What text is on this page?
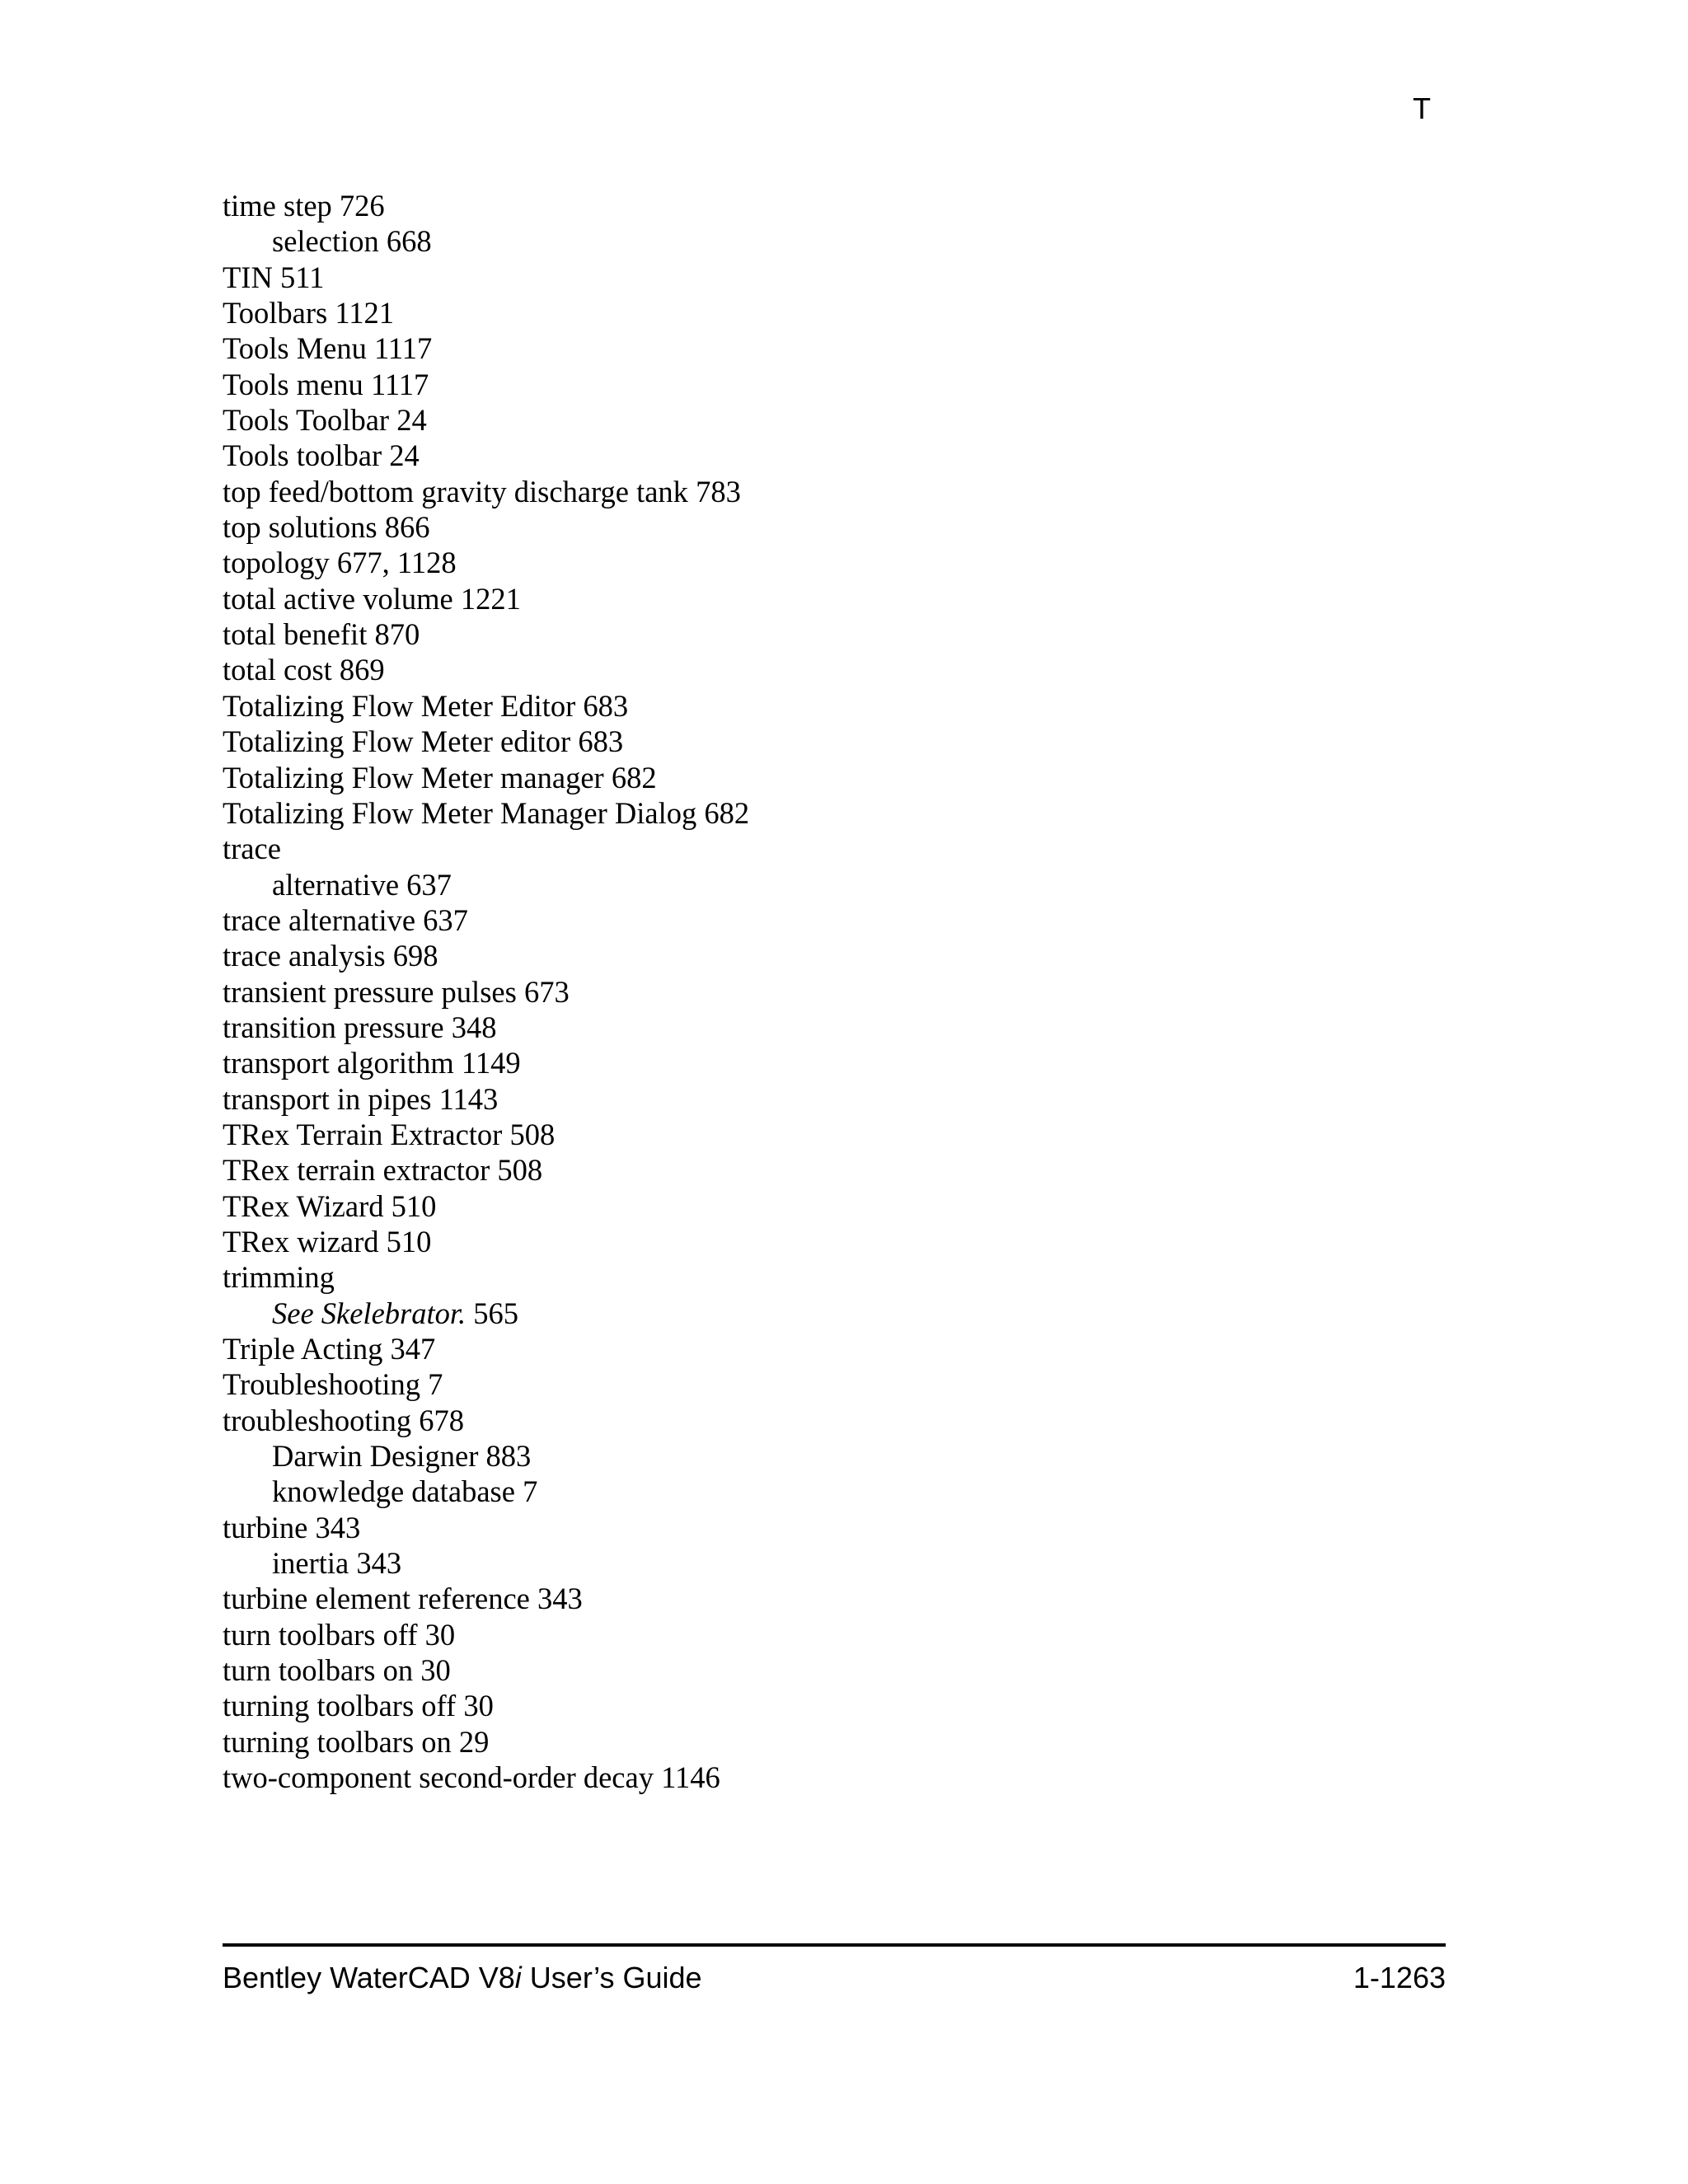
T
time step 726
selection 668
TIN 511
Toolbars 1121
Tools Menu 1117
Tools menu 1117
Tools Toolbar 24
Tools toolbar 24
top feed/bottom gravity discharge tank 783
top solutions 866
topology 677, 1128
total active volume 1221
total benefit 870
total cost 869
Totalizing Flow Meter Editor 683
Totalizing Flow Meter editor 683
Totalizing Flow Meter manager 682
Totalizing Flow Meter Manager Dialog 682
trace
alternative 637
trace alternative 637
trace analysis 698
transient pressure pulses 673
transition pressure 348
transport algorithm 1149
transport in pipes 1143
TRex Terrain Extractor 508
TRex terrain extractor 508
TRex Wizard 510
TRex wizard 510
trimming
See Skelebrator. 565
Triple Acting 347
Troubleshooting 7
troubleshooting 678
Darwin Designer 883
knowledge database 7
turbine 343
inertia 343
turbine element reference 343
turn toolbars off 30
turn toolbars on 30
turning toolbars off 30
turning toolbars on 29
two-component second-order decay 1146
Bentley WaterCAD V8i User’s Guide	1-1263
